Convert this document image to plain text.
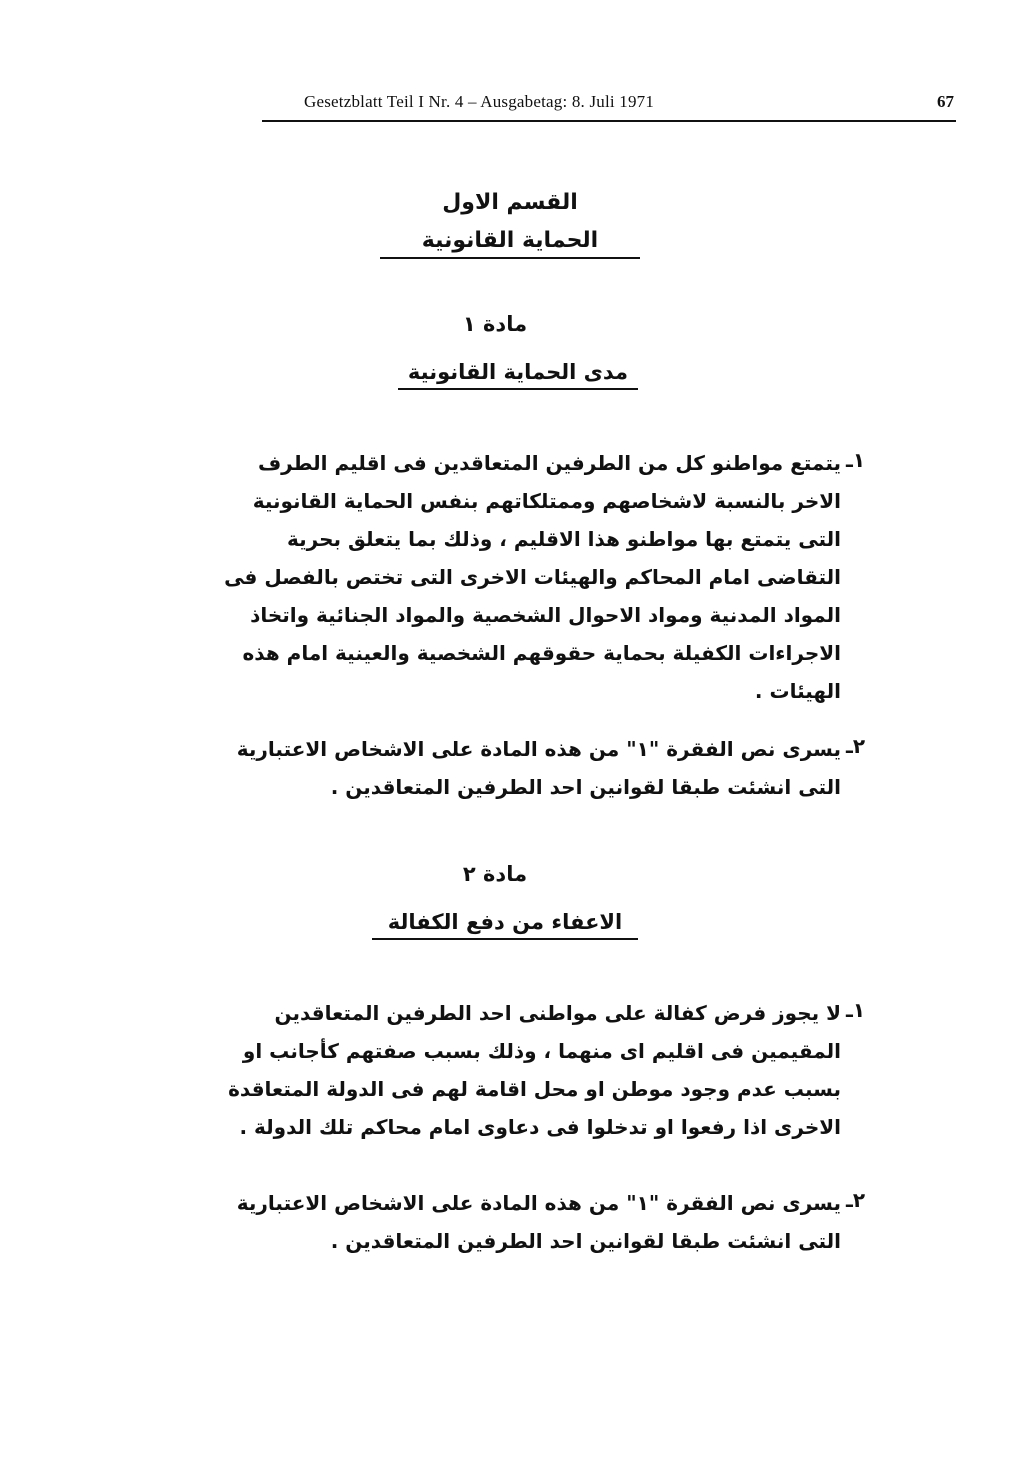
Gesetzblatt Teil I Nr. 4 – Ausgabetag: 8. Juli 1971	67
القسم الاول
الحماية القانونية
مادة ١
مدى الحماية القانونية
١ـ
يتمتع مواطنو كل من الطرفين المتعاقدين فى اقليم الطرف الاخر بالنسبة لاشخاصهم وممتلكاتهم بنفس الحماية القانونية التى يتمتع بها مواطنو هذا الاقليم ، وذلك بما يتعلق بحرية التقاضى امام المحاكم والهيئات الاخرى التى تختص بالفصل فى المواد المدنية ومواد الاحوال الشخصية والمواد الجنائية واتخاذ الاجراءات الكفيلة بحماية حقوقهم الشخصية والعينية امام هذه الهيئات .
٢ـ
يسرى نص الفقرة "١" من هذه المادة على الاشخاص الاعتبارية التى انشئت طبقا لقوانين احد الطرفين المتعاقدين .
مادة ٢
الاعفاء من دفع الكفالة
١ـ
لا يجوز فرض كفالة على مواطنى احد الطرفين المتعاقدين المقيمين فى اقليم اى منهما ، وذلك بسبب صفتهم كأجانب او بسبب عدم وجود موطن او محل اقامة لهم فى الدولة المتعاقدة الاخرى اذا رفعوا او تدخلوا فى دعاوى امام محاكم تلك الدولة .
٢ـ
يسرى نص الفقرة "١" من هذه المادة على الاشخاص الاعتبارية التى انشئت طبقا لقوانين احد الطرفين المتعاقدين .
